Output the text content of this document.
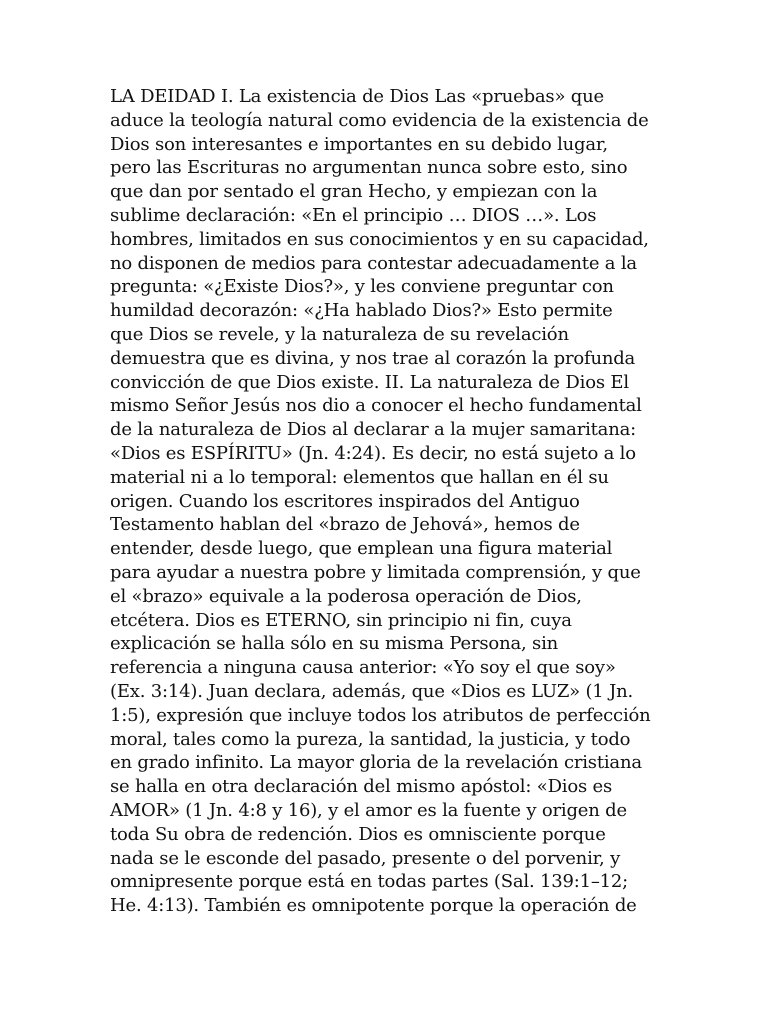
LA DEIDAD I. La existencia de Dios Las «pruebas» que
aduce la teología natural como evidencia de la existencia de
Dios son interesantes e importantes en su debido lugar,
pero las Escrituras no argumentan nunca sobre esto, sino
que dan por sentado el gran Hecho, y empiezan con la
sublime declaración: «En el principio … DIOS …». Los
hombres, limitados en sus conocimientos y en su capacidad,
no disponen de medios para contestar adecuadamente a la
pregunta: «¿Existe Dios?», y les conviene preguntar con
humildad decorazón: «¿Ha hablado Dios?» Esto permite
que Dios se revele, y la naturaleza de su revelación
demuestra que es divina, y nos trae al corazón la profunda
convicción de que Dios existe. II. La naturaleza de Dios El
mismo Señor Jesús nos dio a conocer el hecho fundamental
de la naturaleza de Dios al declarar a la mujer samaritana:
«Dios es ESPÍRITU» (Jn. 4:24). Es decir, no está sujeto a lo
material ni a lo temporal: elementos que hallan en él su
origen. Cuando los escritores inspirados del Antiguo
Testamento hablan del «brazo de Jehová», hemos de
entender, desde luego, que emplean una figura material
para ayudar a nuestra pobre y limitada comprensión, y que
el «brazo» equivale a la poderosa operación de Dios,
etcétera. Dios es ETERNO, sin principio ni fin, cuya
explicación se halla sólo en su misma Persona, sin
referencia a ninguna causa anterior: «Yo soy el que soy»
(Ex. 3:14). Juan declara, además, que «Dios es LUZ» (1 Jn.
1:5), expresión que incluye todos los atributos de perfección
moral, tales como la pureza, la santidad, la justicia, y todo
en grado infinito. La mayor gloria de la revelación cristiana
se halla en otra declaración del mismo apóstol: «Dios es
AMOR» (1 Jn. 4:8 y 16), y el amor es la fuente y origen de
toda Su obra de redención. Dios es omnisciente porque
nada se le esconde del pasado, presente o del porvenir, y
omnipresente porque está en todas partes (Sal. 139:1–12;
He. 4:13). También es omnipotente porque la operación de
